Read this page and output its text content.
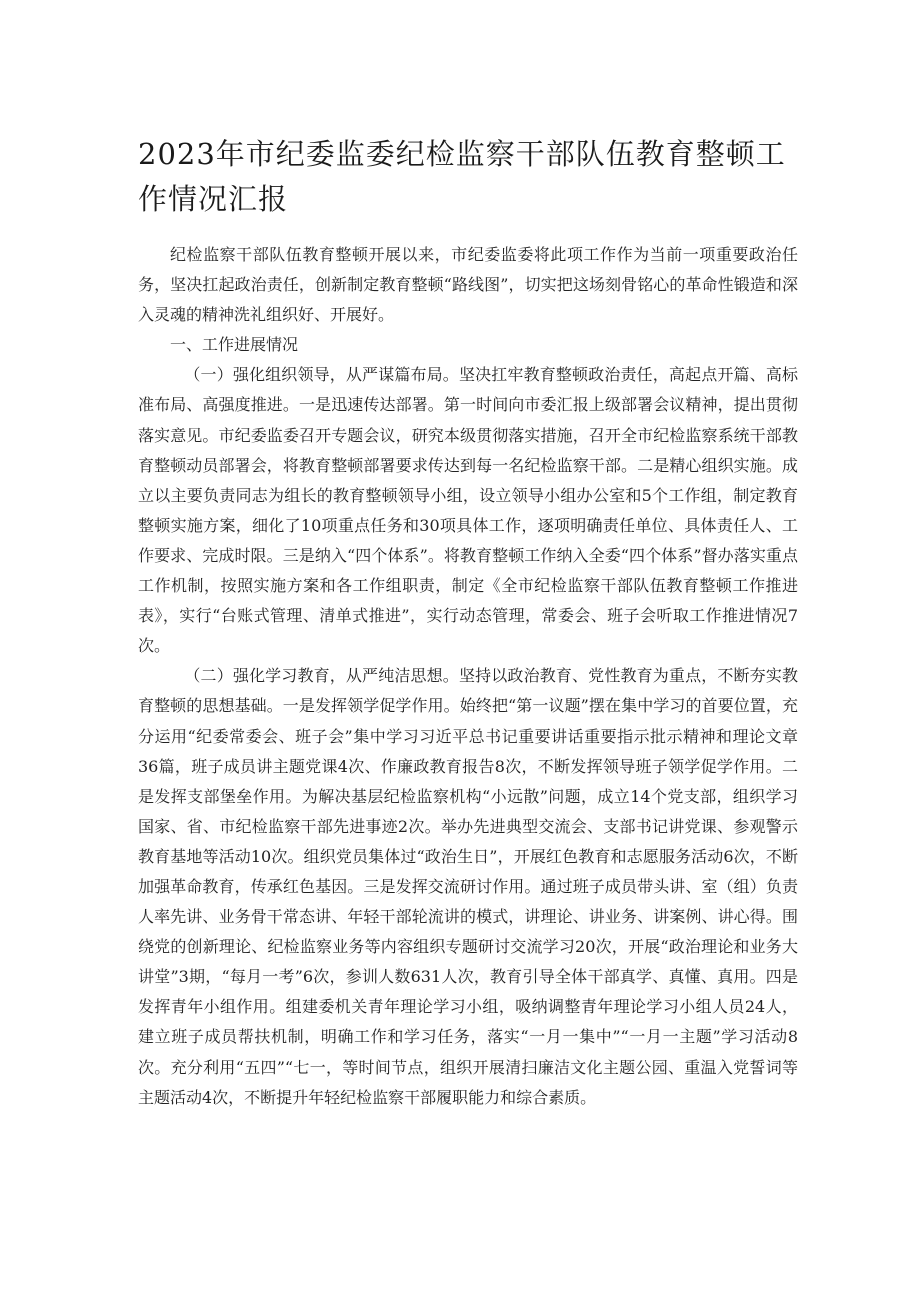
2023年市纪委监委纪检监察干部队伍教育整顿工作情况汇报

纪检监察干部队伍教育整顿开展以来，市纪委监委将此项工作作为当前一项重要政治任务，坚决扛起政治责任，创新制定教育整顿“路线图”，切实把这场刻骨铭心的革命性锻造和深入灵魂的精神洗礼组织好、开展好。

一、工作进展情况

（一）强化组织领导，从严谋篇布局。坚决扛牢教育整顿政治责任，高起点开篇、高标准布局、高强度推进。一是迅速传达部署。第一时间向市委汇报上级部署会议精神，提出贯彻落实意见。市纪委监委召开专题会议，研究本级贯彻落实措施，召开全市纪检监察系统干部教育整顿动员部署会，将教育整顿部署要求传达到每一名纪检监察干部。二是精心组织实施。成立以主要负责同志为组长的教育整顿领导小组，设立领导小组办公室和5个工作组，制定教育整顿实施方案，细化了10项重点任务和30项具体工作，逐项明确责任单位、具体责任人、工作要求、完成时限。三是纳入“四个体系”。将教育整顿工作纳入全委“四个体系”督办落实重点工作机制，按照实施方案和各工作组职责，制定《全市纪检监察干部队伍教育整顿工作推进表》，实行“台账式管理、清单式推进”，实行动态管理，常委会、班子会听取工作推进情况7次。

（二）强化学习教育，从严纯洁思想。坚持以政治教育、党性教育为重点，不断夯实教育整顿的思想基础。一是发挥领学促学作用。始终把“第一议题”摆在集中学习的首要位置，充分运用“纪委常委会、班子会”集中学习习近平总书记重要讲话重要指示批示精神和理论文章36篇，班子成员讲主题党课4次、作廉政教育报告8次，不断发挥领导班子领学促学作用。二是发挥支部堡垒作用。为解决基层纪检监察机构“小远散”问题，成立14个党支部，组织学习国家、省、市纪检监察干部先进事迹2次。举办先进典型交流会、支部书记讲党课、参观警示教育基地等活动10次。组织党员集体过“政治生日”，开展红色教育和志愿服务活动6次，不断加强革命教育，传承红色基因。三是发挥交流研讨作用。通过班子成员带头讲、室（组）负责人率先讲、业务骨干常态讲、年轻干部轮流讲的模式，讲理论、讲业务、讲案例、讲心得。围绕党的创新理论、纪检监察业务等内容组织专题研讨交流学习20次，开展“政治理论和业务大讲堂”3期，“每月一考”6次，参训人数631人次，教育引导全体干部真学、真懂、真用。四是发挥青年小组作用。组建委机关青年理论学习小组，吸纳调整青年理论学习小组人员24人，建立班子成员帮扶机制，明确工作和学习任务，落实“一月一集中”“一月一主题”学习活动8次。充分利用“五四”“七一，等时间节点，组织开展清扫廉洁文化主题公园、重温入党誓词等主题活动4次，不断提升年轻纪检监察干部履职能力和综合素质。
